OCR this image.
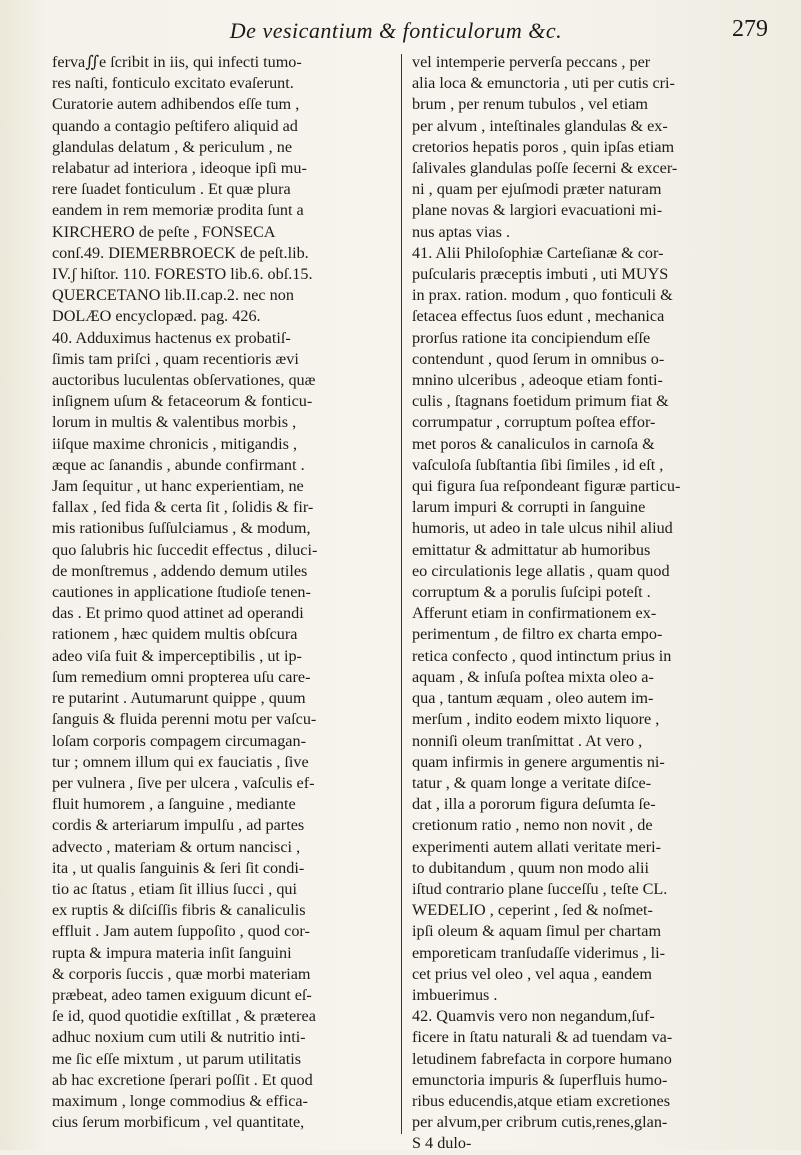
De vesicantium & fonticulorum &c.	279
ferva∬e ſcribit in iis, qui infecti tumo-
res naſti, fonticulo excitato evaſerunt.
Curatorie autem adhibendos eſſe tum ,
quando a contagio peſtifero aliquid ad
glandulas delatum , & periculum , ne
relabatur ad interiora , ideoque ipſi mu-
rere ſuadet fonticulum . Et quæ plura
eandem in rem memoriæ prodita ſunt a
KIRCHERO de peſte , FONSECA
conſ.49. DIEMERBROECK de peſt.lib.
IV.ʃ hiſtor. 110. FORESTO lib.6. obſ.15.
QUERCETANO lib.II.cap.2. nec non
DOLÆO encyclopæd. pag. 426.
40. Adduximus hactenus ex probatiſ-
ſimis tam priſci , quam recentioris ævi
auctoribus luculentas obſervationes, quæ
inſignem uſum & fetaceorum & fonticu-
lorum in multis & valentibus morbis ,
iiſque maxime chronicis , mitigandis ,
æque ac ſanandis , abunde confirmant .
Jam ſequitur , ut hanc experientiam, ne
fallax , ſed fida & certa ſit , ſolidis & fir-
mis rationibus ſuſſulciamus , & modum,
quo ſalubris hic ſuccedit effectus , diluci-
de monſtremus , addendo demum utiles
cautiones in applicatione ſtudioſe tenen-
das . Et primo quod attinet ad operandi
rationem , hæc quidem multis obſcura
adeo viſa fuit & imperceptibilis , ut ip-
ſum remedium omni propterea uſu care-
re putarint . Autumarunt quippe , quum
ſanguis & fluida perenni motu per vaſcu-
loſam corporis compagem circumagan-
tur ; omnem illum qui ex fauciatis , ſive
per vulnera , ſive per ulcera , vaſculis ef-
fluit humorem , a ſanguine , mediante
cordis & arteriarum impulſu , ad partes
advecto , materiam & ortum nancisci ,
ita , ut qualis ſanguinis & ſeri ſit condi-
tio ac ſtatus , etiam ſit illius ſucci , qui
ex ruptis & diſciſſis fibris & canaliculis
effluit . Jam autem ſuppoſito , quod cor-
rupta & impura materia inſit ſanguini
& corporis ſuccis , quæ morbi materiam
præbeat, adeo tamen exiguum dicunt eſ-
ſe id, quod quotidie exſtillat , & præterea
adhuc noxium cum utili & nutritio inti-
me ſic eſſe mixtum , ut parum utilitatis
ab hac excretione ſperari poſſit . Et quod
maximum , longe commodius & effica-
cius ſerum morbificum , vel quantitate,
vel intemperie perverſa peccans , per
alia loca & emunctoria , uti per cutis cri-
brum , per renum tubulos , vel etiam
per alvum , inteſtinales glandulas & ex-
cretorios hepatis poros , quin ipſas etiam
ſalivales glandulas poſſe ſecerni & excer-
ni , quam per ejuſmodi præter naturam
plane novas & largiori evacuationi mi-
nus aptas vias .
41. Alii Philoſophiæ Carteſianæ & cor-
puſcularis præceptis imbuti , uti MUYS
in prax. ration. modum , quo fonticuli &
ſetacea effectus ſuos edunt , mechanica
prorſus ratione ita concipiendum eſſe
contendunt , quod ſerum in omnibus o-
mnino ulceribus , adeoque etiam fonti-
culis , ſtagnans foetidum primum fiat &
corrumpatur , corruptum poſtea effor-
met poros & canaliculos in carnoſa &
vaſculoſa ſubſtantia ſibi ſimiles , id eſt ,
qui figura ſua reſpondeant figuræ particu-
larum impuri & corrupti in ſanguine
humoris, ut adeo in tale ulcus nihil aliud
emittatur & admittatur ab humoribus
eo circulationis lege allatis , quam quod
corruptum & a porulis ſuſcipi poteſt .
Afferunt etiam in confirmationem ex-
perimentum , de filtro ex charta empo-
retica confecto , quod intinctum prius in
aquam , & inſuſa poſtea mixta oleo a-
qua , tantum æquam , oleo autem im-
merſum , indito eodem mixto liquore ,
nonniſi oleum tranſmittat . At vero ,
quam infirmis in genere argumentis ni-
tatur , & quam longe a veritate diſce-
dat , illa a pororum figura deſumta ſe-
cretionum ratio , nemo non novit , de
experimenti autem allati veritate meri-
to dubitandum , quum non modo alii
iſtud contrario plane ſucceſſu , teſte CL.
WEDELIO , ceperint , ſed & noſmet-
ipſi oleum & aquam ſimul per chartam
emporeticam tranſudaſſe viderimus , li-
cet prius vel oleo , vel aqua , eandem
imbuerimus .
42. Quamvis vero non negandum,ſuf-
ficere in ſtatu naturali & ad tuendam va-
letudinem fabrefacta in corpore humano
emunctoria impuris & ſuperfluis humo-
ribus educendis,atque etiam excretiones
per alvum,per cribrum cutis,renes,glan-
S 4 dulo-
